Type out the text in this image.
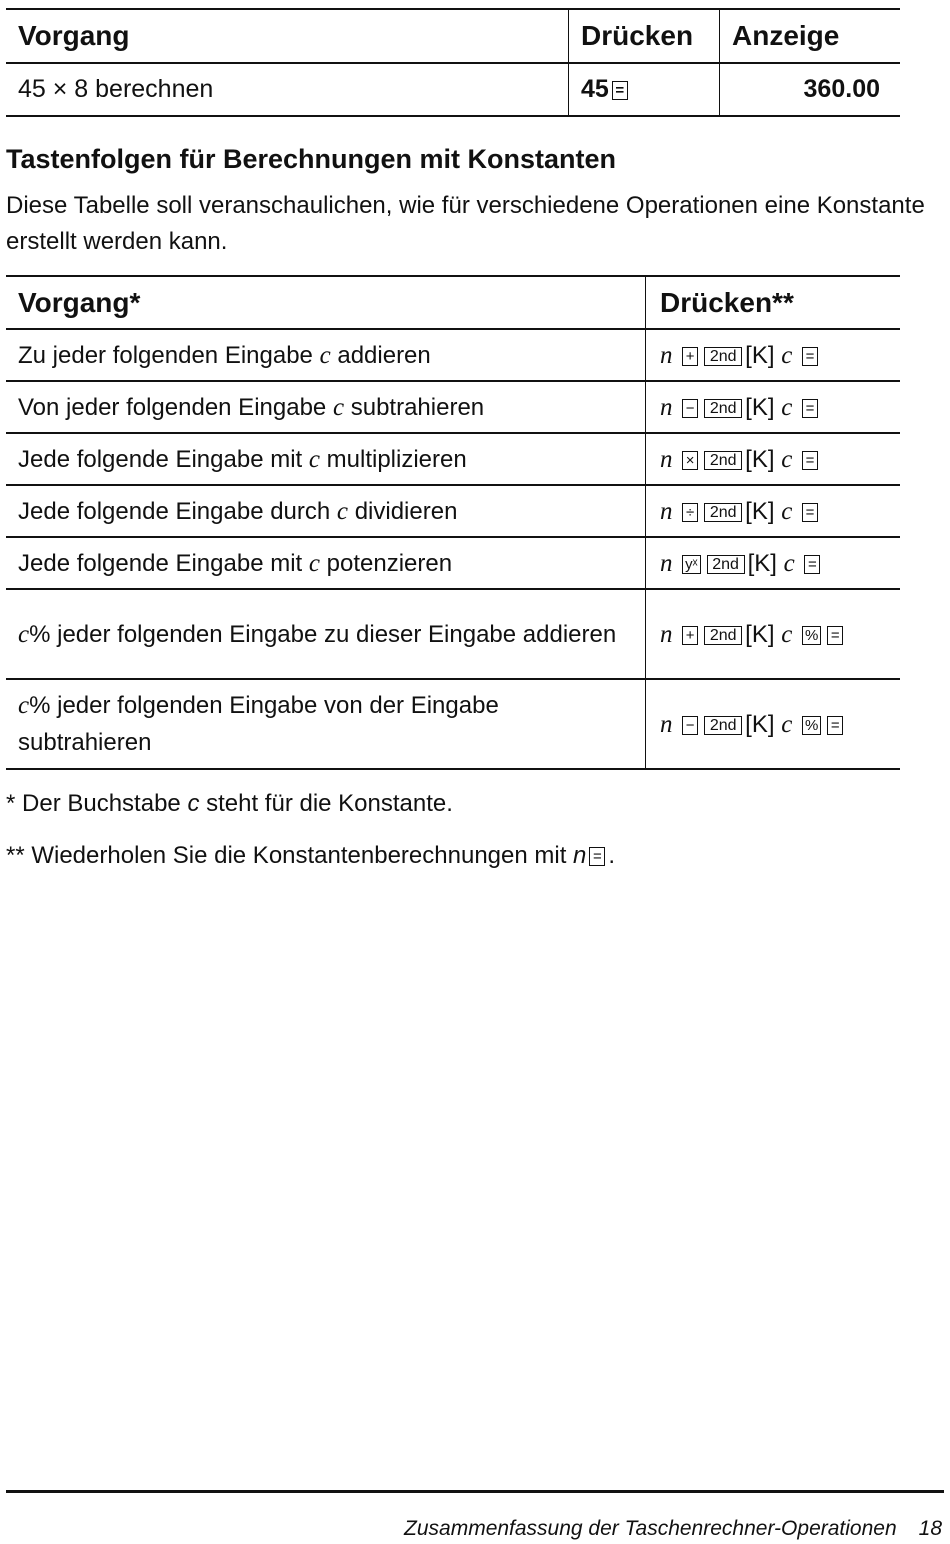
Vorgang	Drücken	Anzeige
45 × 8 berechnen	45 =	360.00
Tastenfolgen für Berechnungen mit Konstanten

Diese Tabelle soll veranschaulichen, wie für verschiedene Operationen eine Konstante erstellt werden kann.

Vorgang*	Drücken**
Zu jeder folgenden Eingabe c addieren	n + 2nd [K] c =
Von jeder folgenden Eingabe c subtrahieren	n − 2nd [K] c =
Jede folgende Eingabe mit c multiplizieren	n × 2nd [K] c =
Jede folgende Eingabe durch c dividieren	n ÷ 2nd [K] c =
Jede folgende Eingabe mit c potenzieren	n yˣ 2nd [K] c =
c% jeder folgenden Eingabe zu dieser Eingabe addieren	n + 2nd [K] c % =
c% jeder folgenden Eingabe von der Eingabe subtrahieren	n − 2nd [K] c % =

* Der Buchstabe c steht für die Konstante.

** Wiederholen Sie die Konstantenberechnungen mit n = .

Zusammenfassung der Taschenrechner-Operationen 18
